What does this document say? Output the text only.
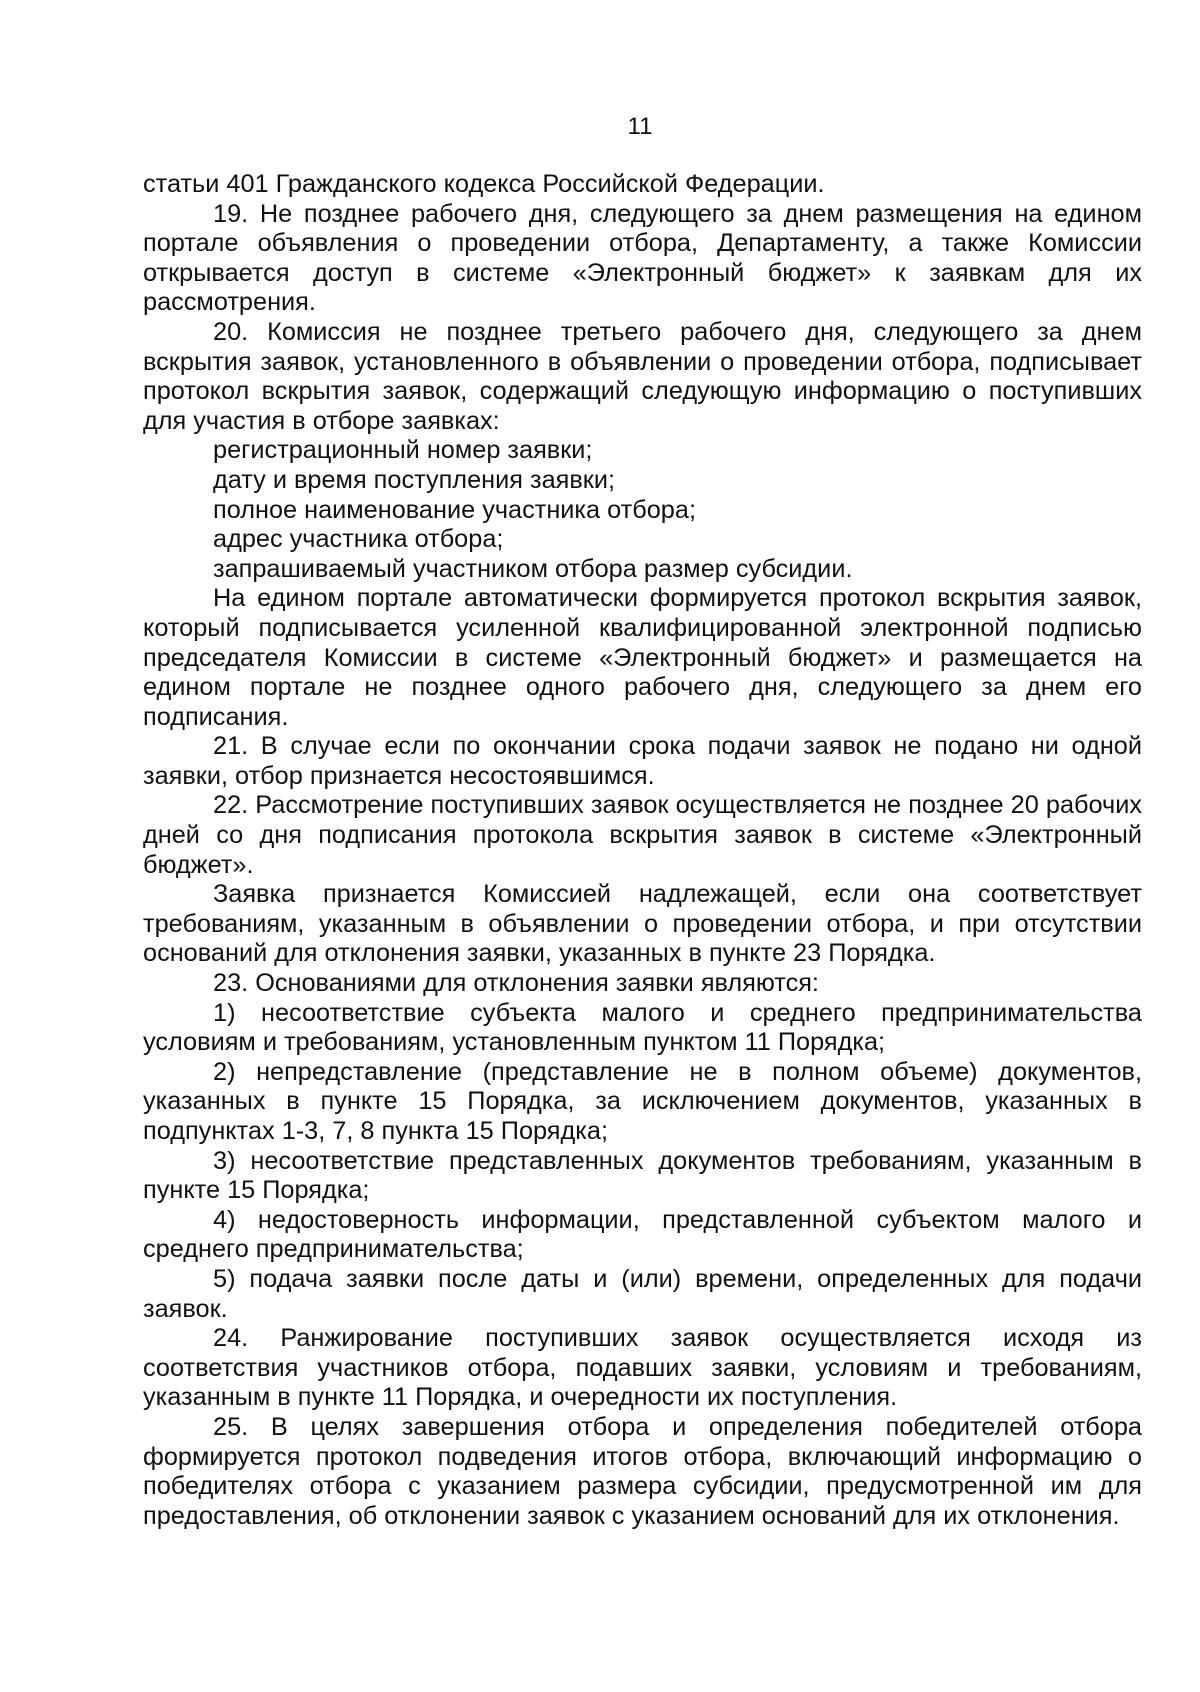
11

статьи 401 Гражданского кодекса Российской Федерации.

19. Не позднее рабочего дня, следующего за днем размещения на едином портале объявления о проведении отбора, Департаменту, а также Комиссии открывается доступ в системе «Электронный бюджет» к заявкам для их рассмотрения.

20. Комиссия не позднее третьего рабочего дня, следующего за днем вскрытия заявок, установленного в объявлении о проведении отбора, подписывает протокол вскрытия заявок, содержащий следующую информацию о поступивших для участия в отборе заявках:

регистрационный номер заявки;

дату и время поступления заявки;

полное наименование участника отбора;

адрес участника отбора;

запрашиваемый участником отбора размер субсидии.

На едином портале автоматически формируется протокол вскрытия заявок, который подписывается усиленной квалифицированной электронной подписью председателя Комиссии в системе «Электронный бюджет» и размещается на едином портале не позднее одного рабочего дня, следующего за днем его подписания.

21. В случае если по окончании срока подачи заявок не подано ни одной заявки, отбор признается несостоявшимся.

22. Рассмотрение поступивших заявок осуществляется не позднее 20 рабочих дней со дня подписания протокола вскрытия заявок в системе «Электронный бюджет».

Заявка признается Комиссией надлежащей, если она соответствует требованиям, указанным в объявлении о проведении отбора, и при отсутствии оснований для отклонения заявки, указанных в пункте 23 Порядка.

23. Основаниями для отклонения заявки являются:

1) несоответствие субъекта малого и среднего предпринимательства условиям и требованиям, установленным пунктом 11 Порядка;

2) непредставление (представление не в полном объеме) документов, указанных в пункте 15 Порядка, за исключением документов, указанных в подпунктах 1-3, 7, 8 пункта 15 Порядка;

3) несоответствие представленных документов требованиям, указанным в пункте 15 Порядка;

4) недостоверность информации, представленной субъектом малого и среднего предпринимательства;

5) подача заявки после даты и (или) времени, определенных для подачи заявок.

24. Ранжирование поступивших заявок осуществляется исходя из соответствия участников отбора, подавших заявки, условиям и требованиям, указанным в пункте 11 Порядка, и очередности их поступления.

25. В целях завершения отбора и определения победителей отбора формируется протокол подведения итогов отбора, включающий информацию о победителях отбора с указанием размера субсидии, предусмотренной им для предоставления, об отклонении заявок с указанием оснований для их отклонения.
